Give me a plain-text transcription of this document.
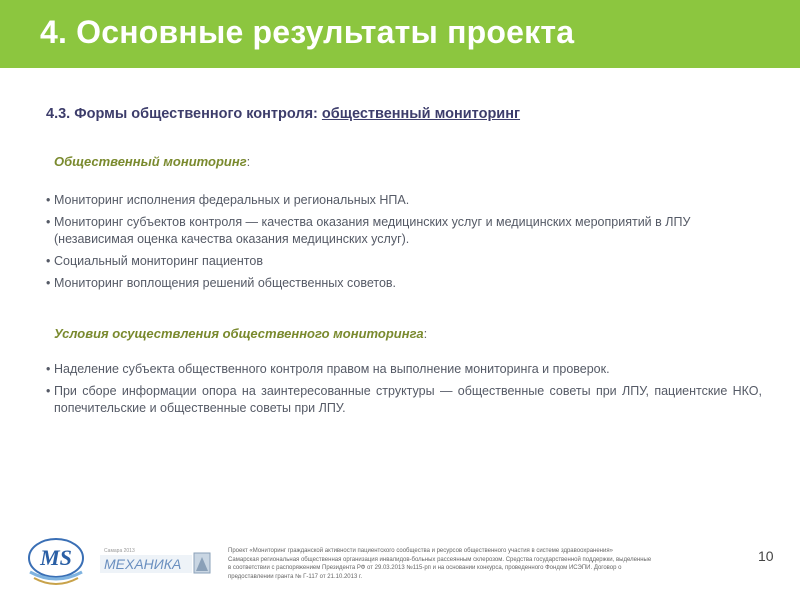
4. Основные результаты проекта
4.3. Формы общественного контроля: общественный мониторинг
Общественный мониторинг:
• Мониторинг исполнения федеральных и региональных НПА.
• Мониторинг субъектов контроля — качества оказания медицинских услуг и медицинских мероприятий в ЛПУ (независимая оценка качества оказания медицинских услуг).
• Социальный мониторинг пациентов
• Мониторинг воплощения решений общественных советов.
Условия осуществления общественного мониторинга:
• Наделение субъекта общественного контроля правом на выполнение мониторинга и проверок.
• При сборе информации опора на заинтересованные структуры — общественные советы при ЛПУ, пациентские НКО, попечительские и общественные советы при ЛПУ.
MS	Самара 2013
МЕХАНИКА
Проект «Мониторинг гражданской активности пациентского сообщества и ресурсов общественного участия в системе здравоохранения»
Самарская региональная общественная организация инвалидов-больных рассеянным склерозом. Средства государственной поддержки, выделенные
в соответствии с распоряжением Президента РФ от 29.03.2013 №115-рп и на основании конкурса, проведенного Фондом ИСЭПИ. Договор о
предоставлении гранта № Г-117 от 21.10.2013 г.
10
